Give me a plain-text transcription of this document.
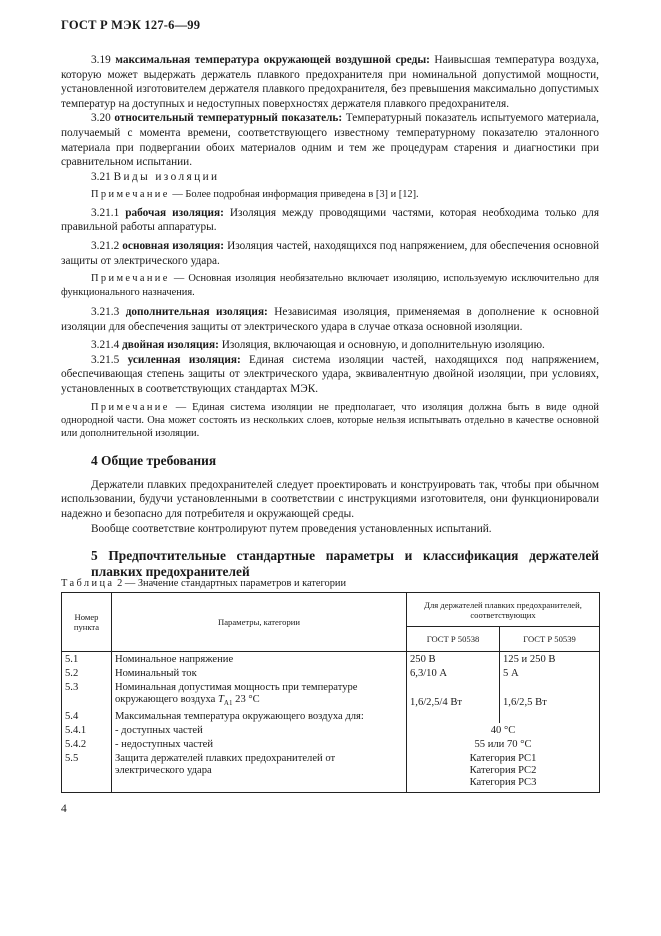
ГОСТ Р МЭК 127-6—99

3.19 максимальная температура окружающей воздушной среды: Наивысшая температура воздуха, которую может выдержать держатель плавкого предохранителя при номинальной допустимой мощности, установленной изготовителем держателя плавкого предохранителя, без превышения максимально допустимых температур на доступных и недоступных поверхностях держателя плавкого предохранителя.

3.20 относительный температурный показатель: Температурный показатель испытуемого материала, получаемый с момента времени, соответствующего известному температурному показателю эталонного материала при подвергании обоих материалов одним и тем же процедурам старения и диагностики при сравнительном испытании.

3.21 Виды изоляции

Примечание — Более подробная информация приведена в [3] и [12].

3.21.1 рабочая изоляция: Изоляция между проводящими частями, которая необходима только для правильной работы аппаратуры.

3.21.2 основная изоляция: Изоляция частей, находящихся под напряжением, для обеспечения основной защиты от электрического удара.

Примечание — Основная изоляция необязательно включает изоляцию, используемую исключительно для функционального назначения.

3.21.3 дополнительная изоляция: Независимая изоляция, применяемая в дополнение к основной изоляции для обеспечения защиты от электрического удара в случае отказа основной изоляции.

3.21.4 двойная изоляция: Изоляция, включающая и основную, и дополнительную изоляцию.

3.21.5 усиленная изоляция: Единая система изоляции частей, находящихся под напряжением, обеспечивающая степень защиты от электрического удара, эквивалентную двойной изоляции, при условиях, установленных в соответствующих стандартах МЭК.

Примечание — Единая система изоляции не предполагает, что изоляция должна быть в виде одной однородной части. Она может состоять из нескольких слоев, которые нельзя испытывать отдельно в качестве основной или дополнительной изоляции.

4 Общие требования

Держатели плавких предохранителей следует проектировать и конструировать так, чтобы при обычном использовании, будучи установленными в соответствии с инструкциями изготовителя, они функционировали надежно и безопасно для потребителя и окружающей среды.

Вообще соответствие контролируют путем проведения установленных испытаний.

5 Предпочтительные стандартные параметры и классификация держателей плавких предохранителей

Таблица 2 — Значение стандартных параметров и категории
Номер пункта	Параметры, категории	Для держателей плавких предохранителей, соответствующих	
		ГОСТ Р 50538	ГОСТ Р 50539
5.1	Номинальное напряжение	250 В	125 и 250 В
5.2	Номинальный ток	6,3/10 А	5 А
5.3	Номинальная допустимая мощность при температуре окружающего воздуха $T_{A1}$ 23 °С	1,6/2,5/4 Вт	1,6/2,5 Вт
5.4	Максимальная температура окружающего воздуха для:		
5.4.1	- доступных частей	40 °С	
5.4.2	- недоступных частей	55 или 70 °С	
5.5	Защита держателей плавких предохранителей от электрического удара	Категория PC1
Категория PC2
Категория PC3	
4
